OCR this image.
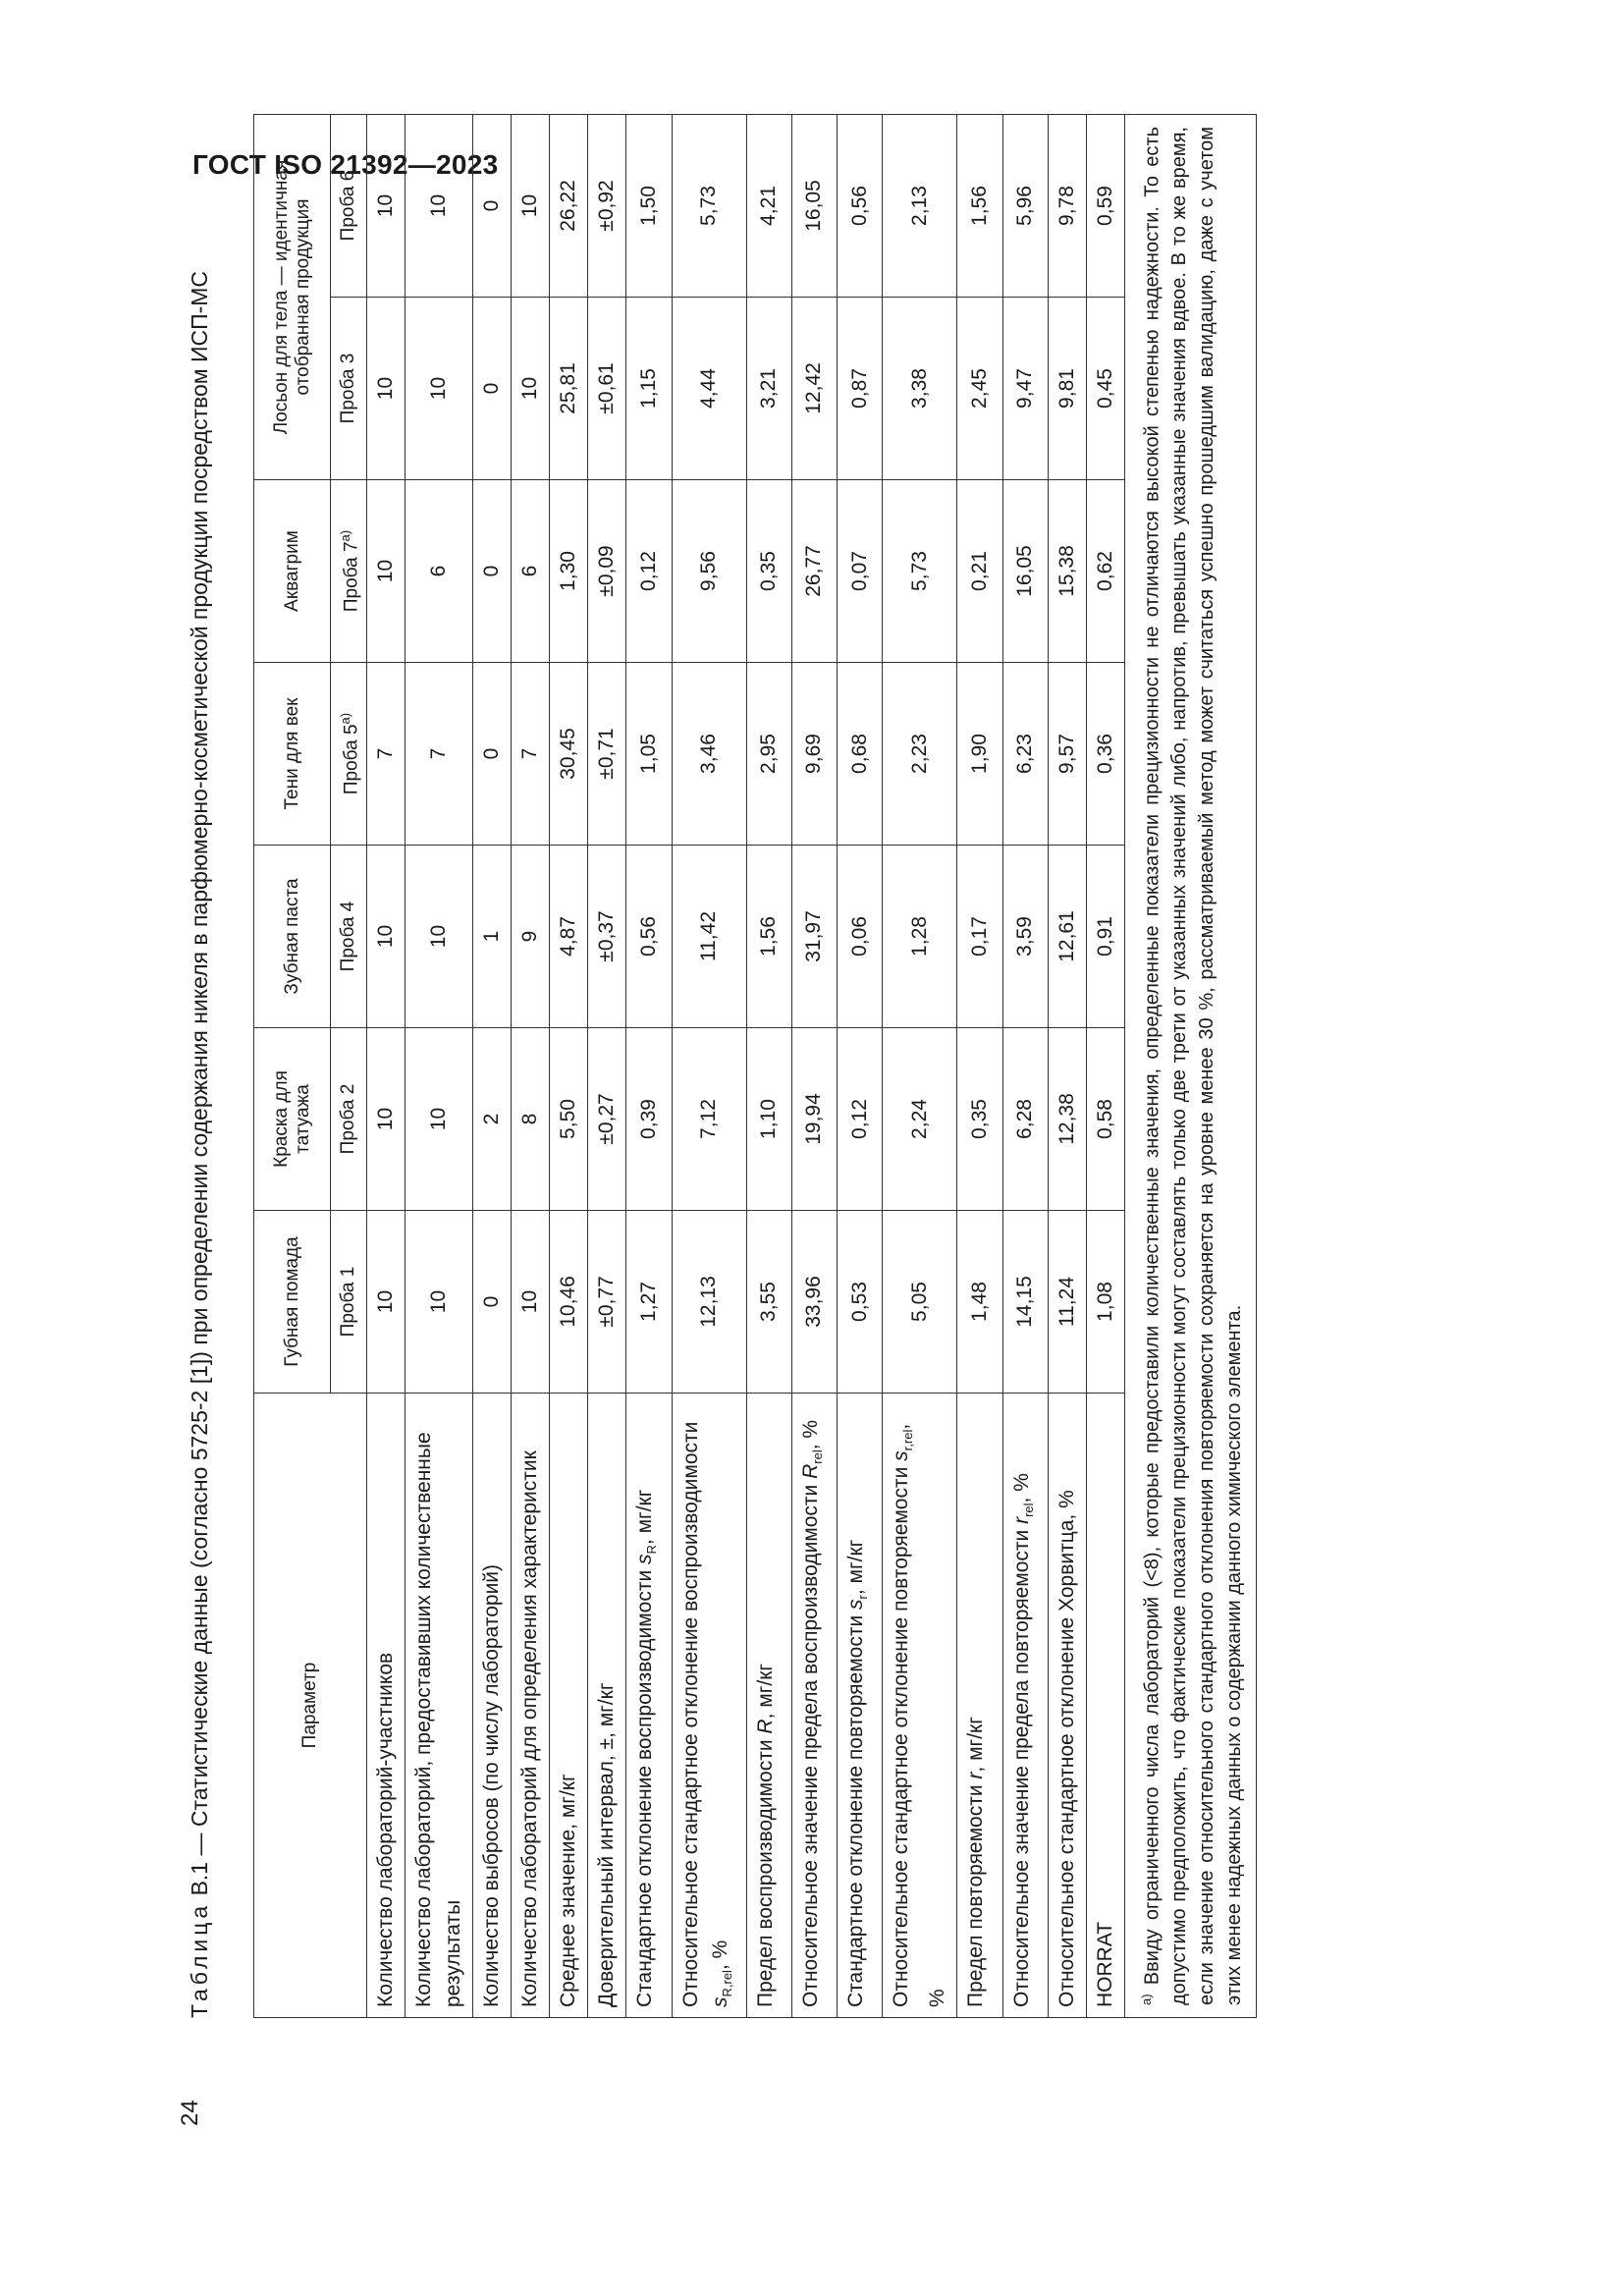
ГОСТ ISO 21392—2023
24
Таблица В.1 — Статистические данные (согласно 5725-2 [1]) при определении содержания никеля в парфюмерно-косметической продукции посредством ИСП-МС	Параметр	Губная помада	Краска для татуажа	Зубная паста	Тени для век	Аквагрим	Лосьон для тела — идентичная отобранная продукция	
	Проба 1	Проба 2	Проба 4	Проба $5^{а)}$	Проба $7^{а)}$	Проба 3	Проба 6
Количество лабораторий-участников	10	10	10	7	10	10	10
Количество лабораторий, предоставивших количественные результаты	10	10	10	7	6	10	10
Количество выбросов (по числу лабораторий)	0	2	1	0	0	0	0
Количество лабораторий для определения характеристик	10	8	9	7	6	10	10
Среднее значение, мг/кг	10,46	5,50	4,87	30,45	1,30	25,81	26,22
Доверительный интервал, ±, мг/кг	±0,77	±0,27	±0,37	±0,71	±0,09	±0,61	±0,92
Стандартное отклонение воспроизводимости $s_R$, мг/кг	1,27	0,39	0,56	1,05	0,12	1,15	1,50
Относительное стандартное отклонение воспроизводимости $s_{R,rel}$, %	12,13	7,12	11,42	3,46	9,56	4,44	5,73
Предел воспроизводимости R, мг/кг	3,55	1,10	1,56	2,95	0,35	3,21	4,21
Относительное значение предела воспроизводимости $R_{rel}$, %	33,96	19,94	31,97	9,69	26,77	12,42	16,05
Стандартное отклонение повторяемости $s_r$, мг/кг	0,53	0,12	0,06	0,68	0,07	0,87	0,56
Относительное стандартное отклонение повторяемости $s_{r,rel}$, %	5,05	2,24	1,28	2,23	5,73	3,38	2,13
Предел повторяемости r, мг/кг	1,48	0,35	0,17	1,90	0,21	2,45	1,56
Относительное значение предела повторяемости $r_{rel}$, %	14,15	6,28	3,59	6,23	16,05	9,47	5,96
Относительное стандартное отклонение Хорвитца, %	11,24	12,38	12,61	9,57	15,38	9,81	9,78
HORRAT	1,08	0,58	0,91	0,36	0,62	0,45	0,59
$^{а)}$ Ввиду ограниченного числа лабораторий (<8), которые предоставили количественные значения, определенные показатели прецизионности не отличаются высокой степенью надежности. То есть допустимо предположить, что фактические показатели прецизионности могут составлять только две трети от указанных значений либо, напротив, превышать указанные значения вдвое. В то же время, если значение относительного стандартного отклонения повторяемости сохраняется на уровне менее 30 %, рассматриваемый метод может считаться успешно прошедшим валидацию, даже с учетом этих менее надежных данных о содержании данного химического элемента.							
